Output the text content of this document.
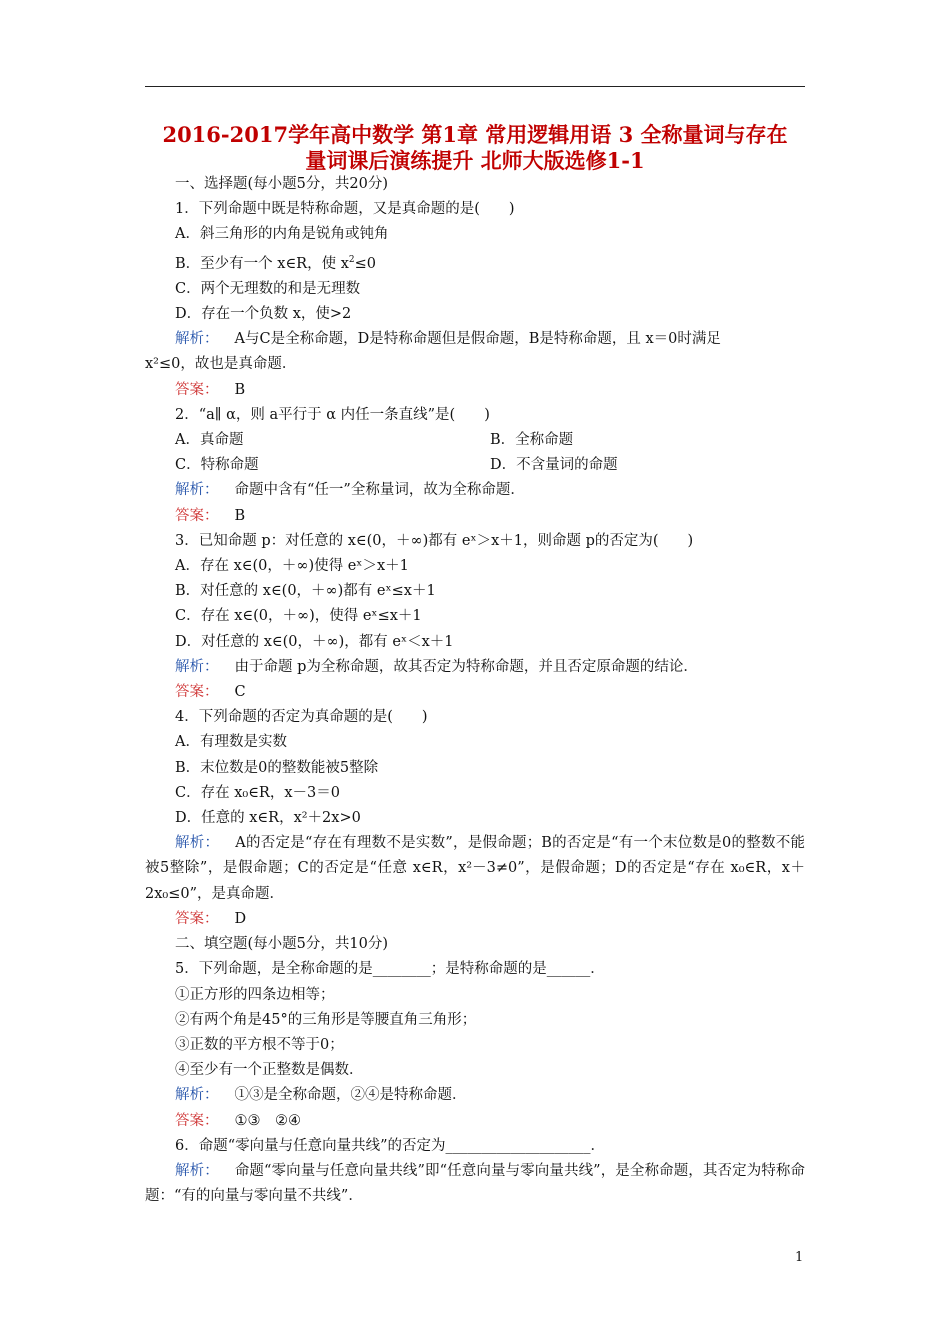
2016-2017学年高中数学 第1章 常用逻辑用语 3 全称量词与存在
量词课后演练提升 北师大版选修1-1
一、选择题(每小题5分，共20分)
1．下列命题中既是特称命题，又是真命题的是(　　)
A．斜三角形的内角是锐角或钝角
B．至少有一个 x∈R，使 $x^2\le 0$
C．两个无理数的和是无理数
D．存在一个负数 x，使>2
解析： A与C是全称命题，D是特称命题但是假命题，B是特称命题，且 x＝0时满足
x²≤0，故也是真命题．
答案： B
2．“a∥ α，则 a平行于 α 内任一条直线”是(　　)
A．真命题	B．全称命题
C．特称命题	D．不含量词的命题
解析： 命题中含有“任一”全称量词，故为全称命题．
答案： B
3．已知命题 p：对任意的 x∈(0，＋∞)都有 eˣ＞x＋1，则命题 p的否定为(　　)
A．存在 x∈(0，＋∞)使得 eˣ＞x＋1
B．对任意的 x∈(0，＋∞)都有 eˣ≤x＋1
C．存在 x∈(0，＋∞)，使得 eˣ≤x＋1
D．对任意的 x∈(0，＋∞)，都有 eˣ＜x＋1
解析： 由于命题 p为全称命题，故其否定为特称命题，并且否定原命题的结论．
答案： C
4．下列命题的否定为真命题的是(　　)
A．有理数是实数
B．末位数是0的整数能被5整除
C．存在 x₀∈R，x－3＝0
D．任意的 x∈R，x²＋2x>0
解析： A的否定是“存在有理数不是实数”，是假命题；B的否定是“有一个末位数是0的整数不能被5整除”，是假命题；C的否定是“任意 x∈R，x²－3≠0”，是假命题；D的否定是“存在 x₀∈R，x＋2x₀≤0”，是真命题．
答案： D
二、填空题(每小题5分，共10分)
5．下列命题，是全称命题的是________；是特称命题的是______．
①正方形的四条边相等；
②有两个角是45°的三角形是等腰直角三角形；
③正数的平方根不等于0；
④至少有一个正整数是偶数．
解析： ①③是全称命题，②④是特称命题．
答案： ①③　②④
6．命题“零向量与任意向量共线”的否定为____________________．
解析： 命题“零向量与任意向量共线”即“任意向量与零向量共线”，是全称命题，其否定为特称命题：“有的向量与零向量不共线”．
1
